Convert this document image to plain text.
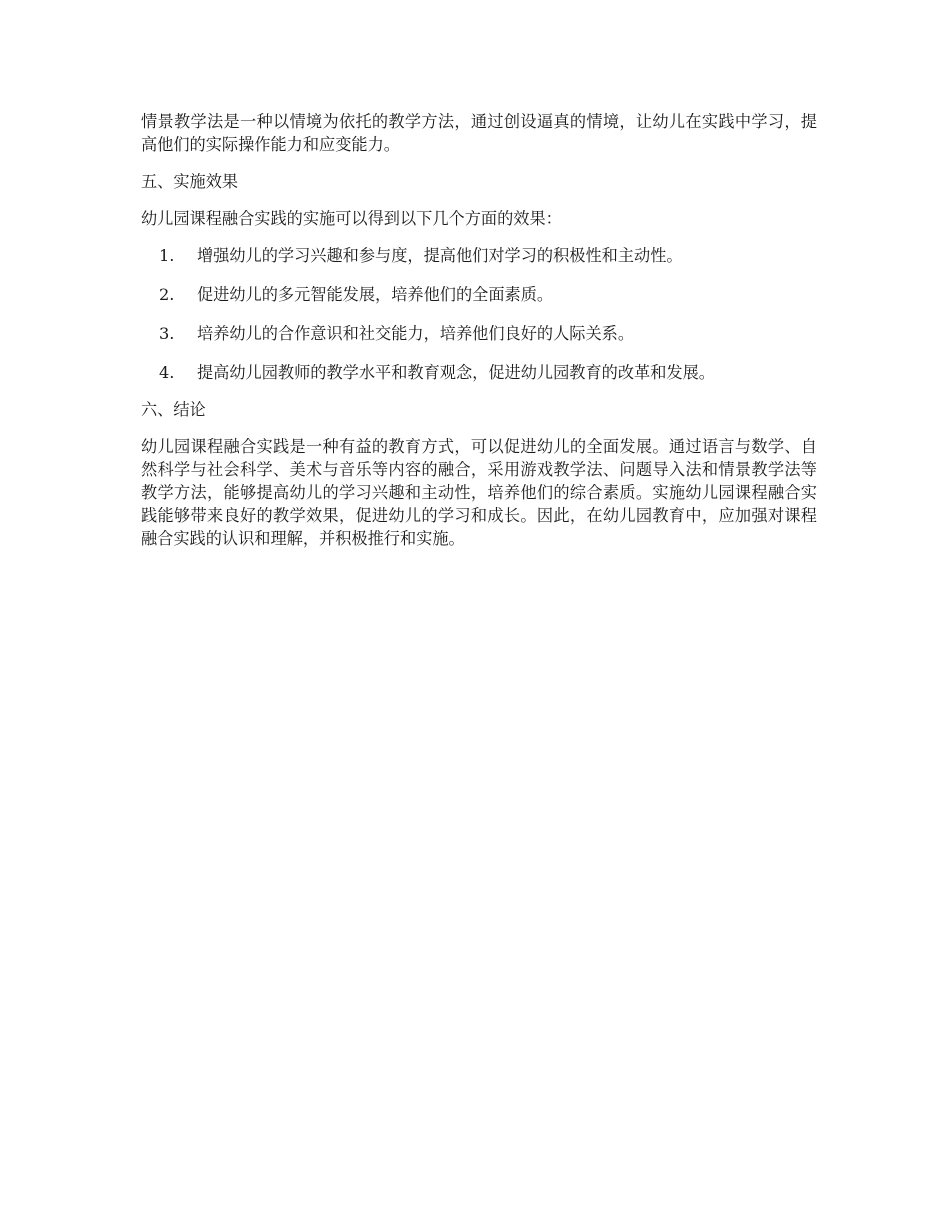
情景教学法是一种以情境为依托的教学方法，通过创设逼真的情境，让幼儿在实践中学习，提高他们的实际操作能力和应变能力。

五、实施效果

幼儿园课程融合实践的实施可以得到以下几个方面的效果：

1.	增强幼儿的学习兴趣和参与度，提高他们对学习的积极性和主动性。
2.	促进幼儿的多元智能发展，培养他们的全面素质。
3.	培养幼儿的合作意识和社交能力，培养他们良好的人际关系。
4.	提高幼儿园教师的教学水平和教育观念，促进幼儿园教育的改革和发展。

六、结论

幼儿园课程融合实践是一种有益的教育方式，可以促进幼儿的全面发展。通过语言与数学、自然科学与社会科学、美术与音乐等内容的融合，采用游戏教学法、问题导入法和情景教学法等教学方法，能够提高幼儿的学习兴趣和主动性，培养他们的综合素质。实施幼儿园课程融合实践能够带来良好的教学效果，促进幼儿的学习和成长。因此，在幼儿园教育中，应加强对课程融合实践的认识和理解，并积极推行和实施。
